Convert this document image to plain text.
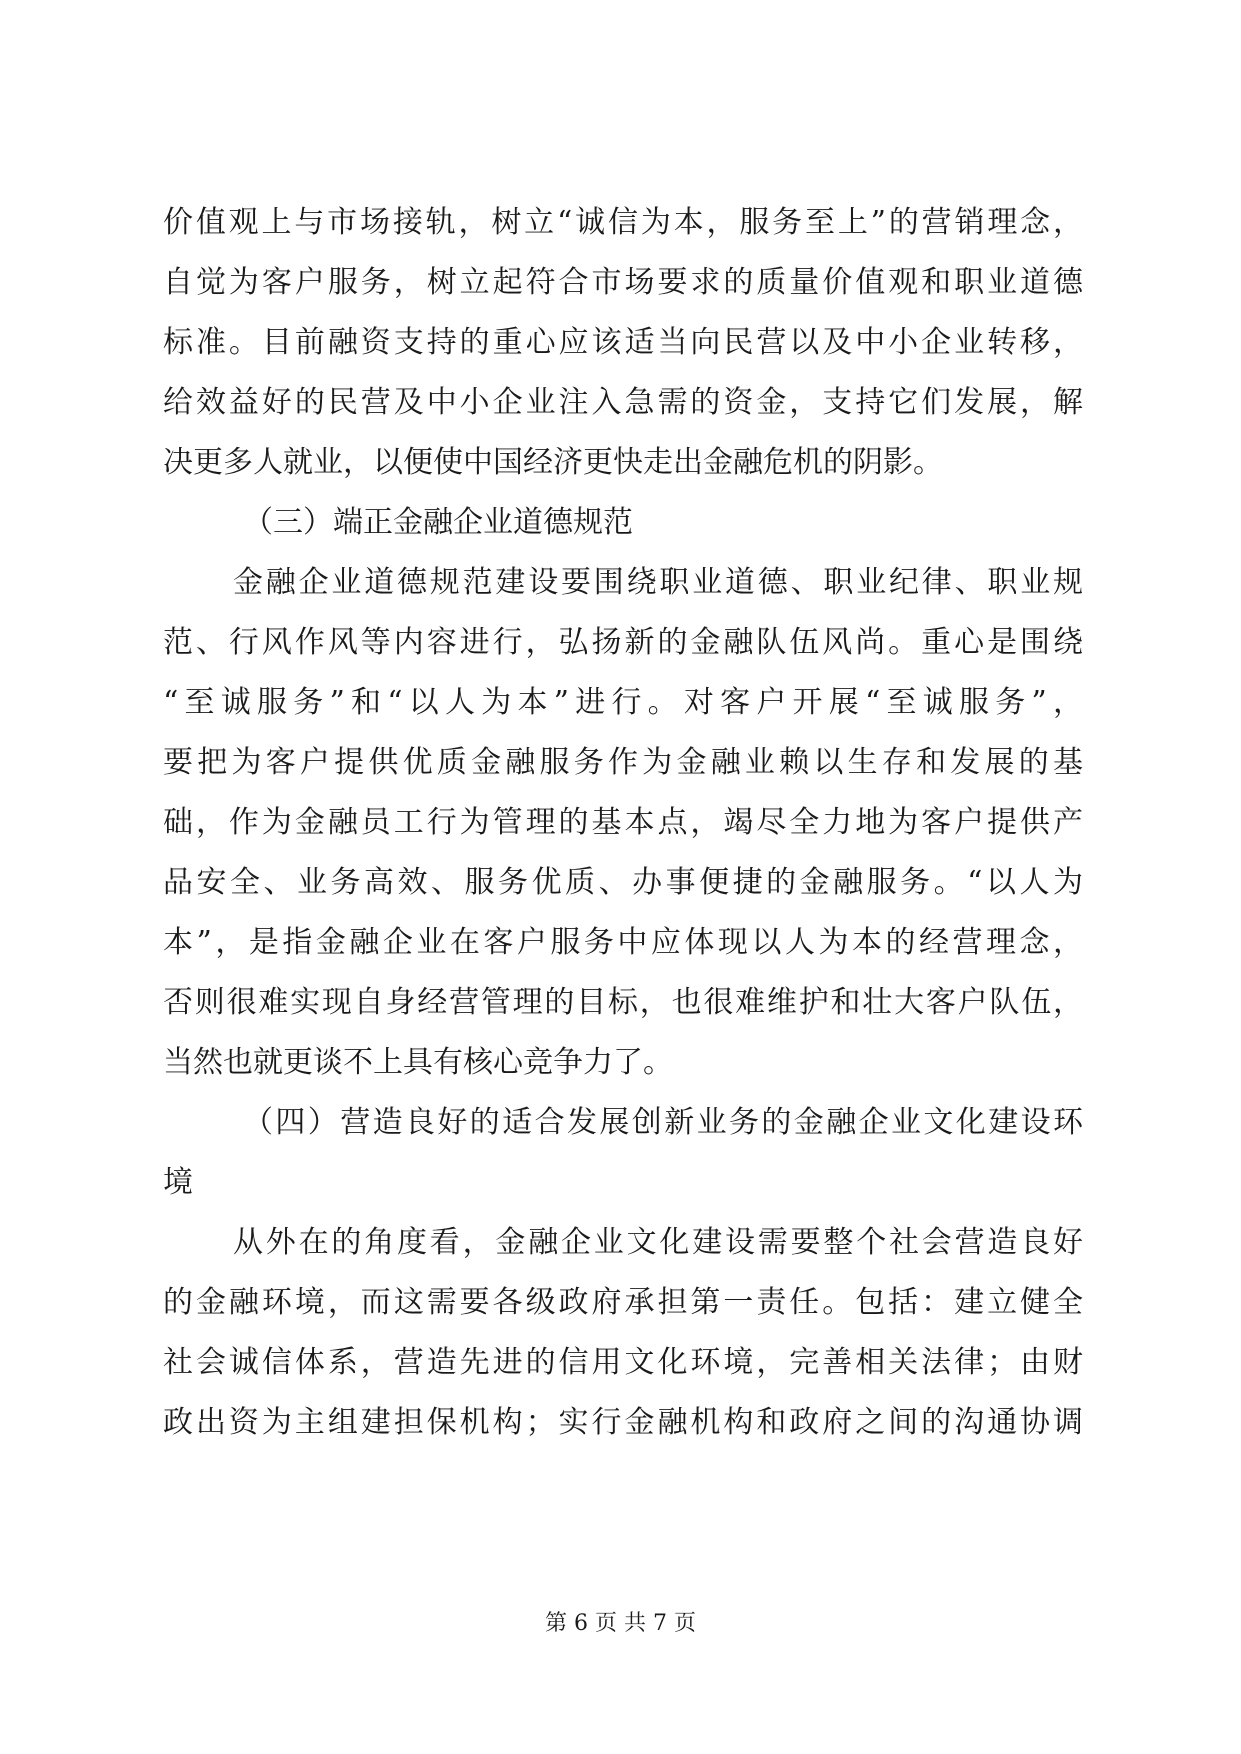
价值观上与市场接轨，树立“诚信为本，服务至上”的营销理念，
自觉为客户服务，树立起符合市场要求的质量价值观和职业道德
标准。目前融资支持的重心应该适当向民营以及中小企业转移，
给效益好的民营及中小企业注入急需的资金，支持它们发展，解
决更多人就业，以便使中国经济更快走出金融危机的阴影。
（三）端正金融企业道德规范
金融企业道德规范建设要围绕职业道德、职业纪律、职业规
范、行风作风等内容进行，弘扬新的金融队伍风尚。重心是围绕
“至诚服务”和“以人为本”进行。对客户开展“至诚服务”，
要把为客户提供优质金融服务作为金融业赖以生存和发展的基
础，作为金融员工行为管理的基本点，竭尽全力地为客户提供产
品安全、业务高效、服务优质、办事便捷的金融服务。“以人为
本”，是指金融企业在客户服务中应体现以人为本的经营理念，
否则很难实现自身经营管理的目标，也很难维护和壮大客户队伍，
当然也就更谈不上具有核心竞争力了。
（四）营造良好的适合发展创新业务的金融企业文化建设环
境
从外在的角度看，金融企业文化建设需要整个社会营造良好
的金融环境，而这需要各级政府承担第一责任。包括：建立健全
社会诚信体系，营造先进的信用文化环境，完善相关法律；由财
政出资为主组建担保机构；实行金融机构和政府之间的沟通协调
第 6 页 共 7 页
